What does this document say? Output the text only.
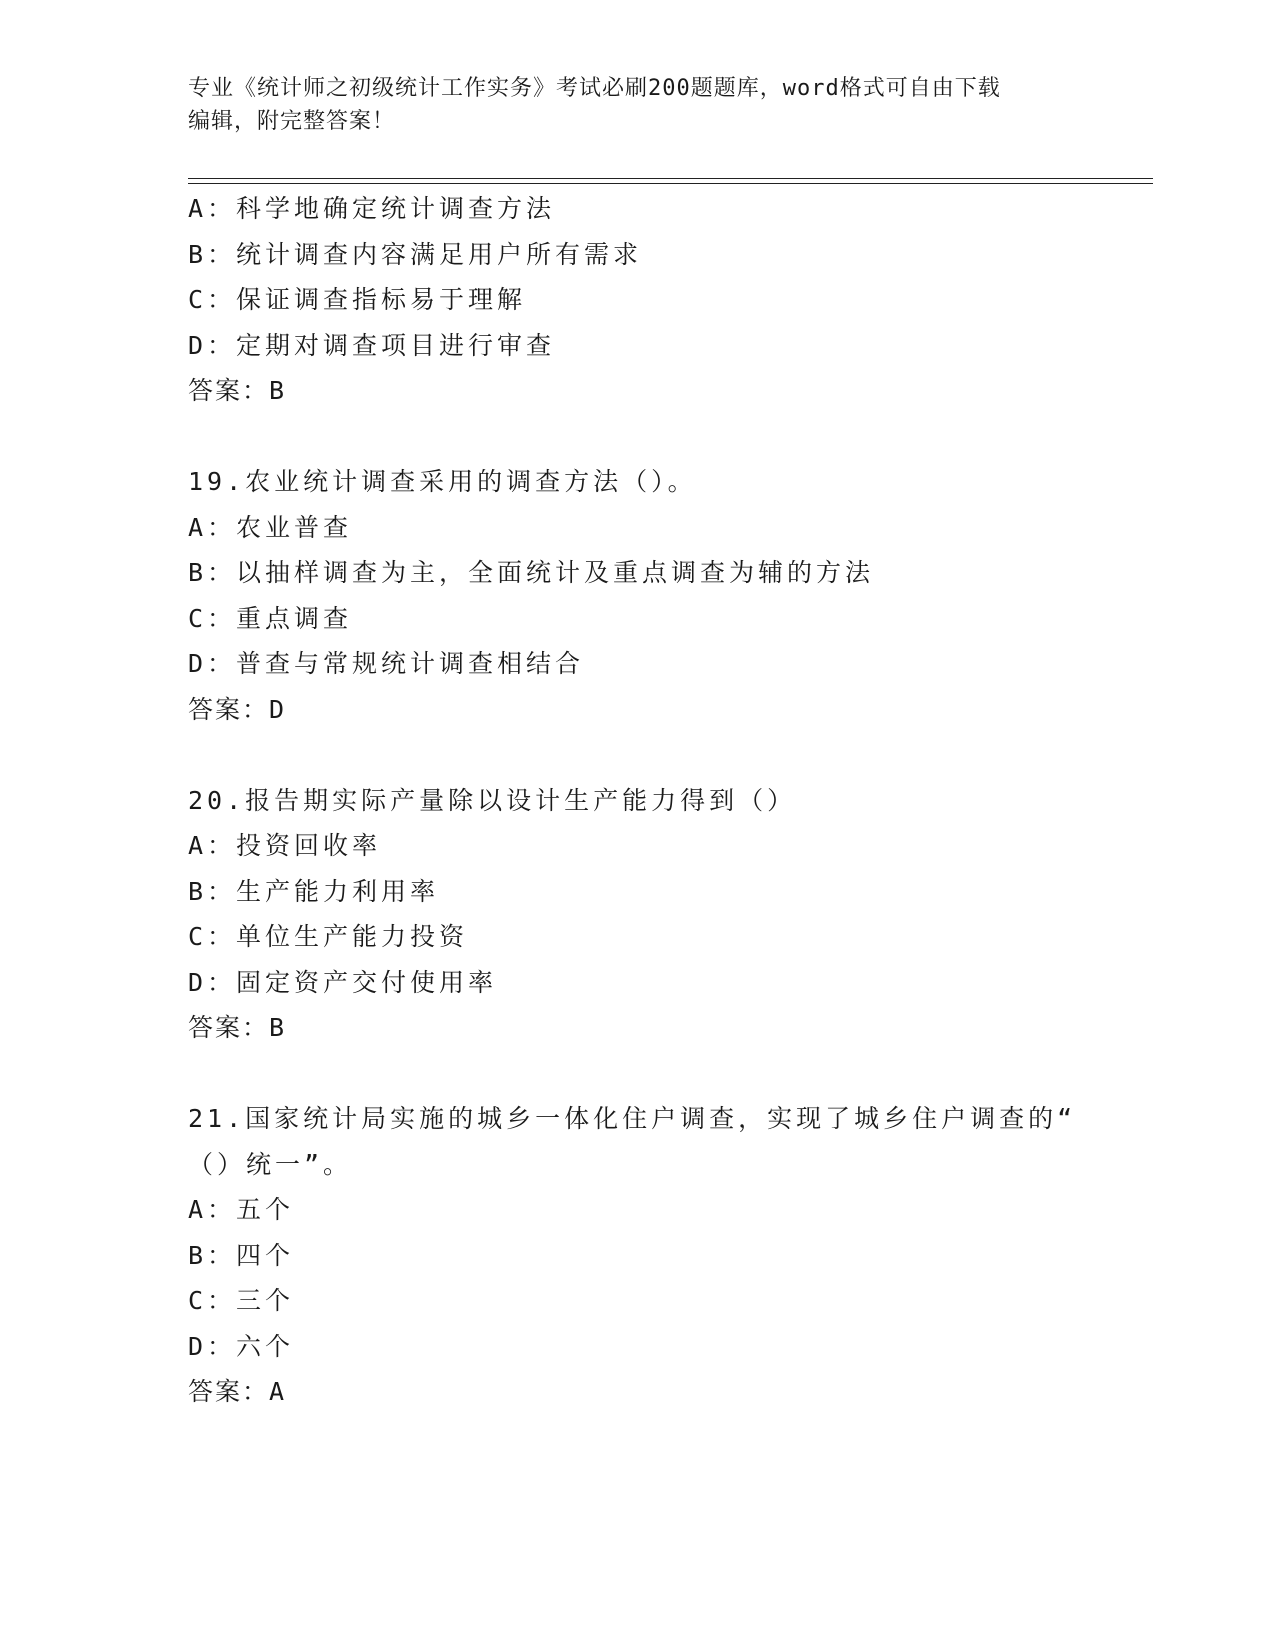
专业《统计师之初级统计工作实务》考试必刷200题题库，word格式可自由下载
编辑，附完整答案！
A：科学地确定统计调查方法
B：统计调查内容满足用户所有需求
C：保证调查指标易于理解
D：定期对调查项目进行审查
答案：B
19.农业统计调查采用的调查方法（）。
A：农业普查
B：以抽样调查为主，全面统计及重点调查为辅的方法
C：重点调查
D：普查与常规统计调查相结合
答案：D
20.报告期实际产量除以设计生产能力得到（）
A：投资回收率
B：生产能力利用率
C：单位生产能力投资
D：固定资产交付使用率
答案：B
21.国家统计局实施的城乡一体化住户调查，实现了城乡住户调查的“
（）统一”。
A：五个
B：四个
C：三个
D：六个
答案：A
